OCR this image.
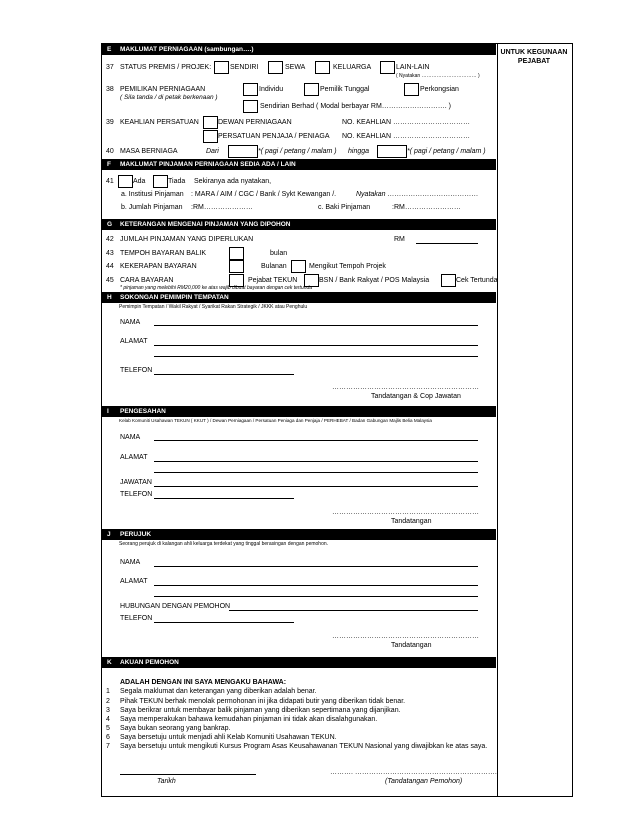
UNTUK KEGUNAAN PEJABAT
E MAKLUMAT PERNIAGAAN (sambungan….)
37 STATUS PREMIS / PROJEK:	SENDIRI	SEWA	KELUARGA	LAIN-LAIN
( Nyatakan …………………………… )
38 PEMILIKAN PERNIAGAAN
( Sila tanda / di petak berkenaan )
Individu	Pemilik Tunggal	Perkongsian
Sendirian Berhad ( Modal berbayar RM………………………. )
39 KEAHLIAN PERSATUAN	DEWAN PERNIAGAAN	NO. KEAHLIAN ……………………………
PERSATUAN PENJAJA / PENIAGA NO. KEAHLIAN ……………………………
40 MASA BERNIAGA	Dari	*( pagi / petang / malam ) hingga	*( pagi / petang / malam )
F MAKLUMAT PINJAMAN PERNIAGAAN SEDIA ADA / LAIN
41	Ada	Tiada Sekiranya ada nyatakan,
a. Institusi Pinjaman : MARA / AIM / CGC / Bank / Sykt Kewangan /.	Nyatakan …………………………………
b. Jumlah Pinjaman :RM…………………	c. Baki Pinjaman	:RM……………………
G KETERANGAN MENGENAI PINJAMAN YANG DIPOHON
42 JUMLAH PINJAMAN YANG DIPERLUKAN	RM
43 TEMPOH BAYARAN BALIK	bulan
44 KEKERAPAN BAYARAN	Bulanan	Mengikut Tempoh Projek
45 CARA BAYARAN	Pejabat TEKUN	BSN / Bank Rakyat / POS Malaysia	Cek Tertunda
* pinjaman yang melebihi RM20,000 ke atas wajib dibuat bayaran dengan cek tertunda
H SOKONGAN PEMIMPIN TEMPATAN
Pemimpin Tempatan / Wakil Rakyat / Syarikat Rakan Strategik / JKKK atau Penghulu
NAMA
ALAMAT
TELEFON
………………………………………………………
Tandatangan & Cop Jawatan
I PENGESAHAN
Kelab Komuniti Usahawan TEKUN ( KKUT ) / Dewan Perniagaan / Persatuan Peniaga dan Penjaja / PERHEBAT / Badan Gabungan Majlis Belia Malaysia
NAMA
ALAMAT
JAWATAN
TELEFON
………………………………………………………
Tandatangan
J PERUJUK
Seorang perujuk di kalangan ahli keluarga terdekat yang tinggal berasingan dengan pemohon.
NAMA
ALAMAT
HUBUNGAN DENGAN PEMOHON
TELEFON
………………………………………………………
Tandatangan
K AKUAN PEMOHON
ADALAH DENGAN INI SAYA MENGAKU BAHAWA:
1 Segala maklumat dan keterangan yang diberikan adalah benar.
2 Pihak TEKUN berhak menolak permohonan ini jika didapati butir yang diberikan tidak benar.
3 Saya berikrar untuk membayar balik pinjaman yang diberikan sepertimana yang dijanjikan.
4 Saya memperakukan bahawa kemudahan pinjaman ini tidak akan disalahgunakan.
5 Saya bukan seorang yang bankrap.
6 Saya bersetuju untuk menjadi ahli Kelab Komuniti Usahawan TEKUN.
7 Saya bersetuju untuk mengikuti Kursus Program Asas Keusahawanan TEKUN Nasional yang diwajibkan ke atas saya.
Tarikh
………. …………………………………………………….
(Tandatangan Pemohon)
